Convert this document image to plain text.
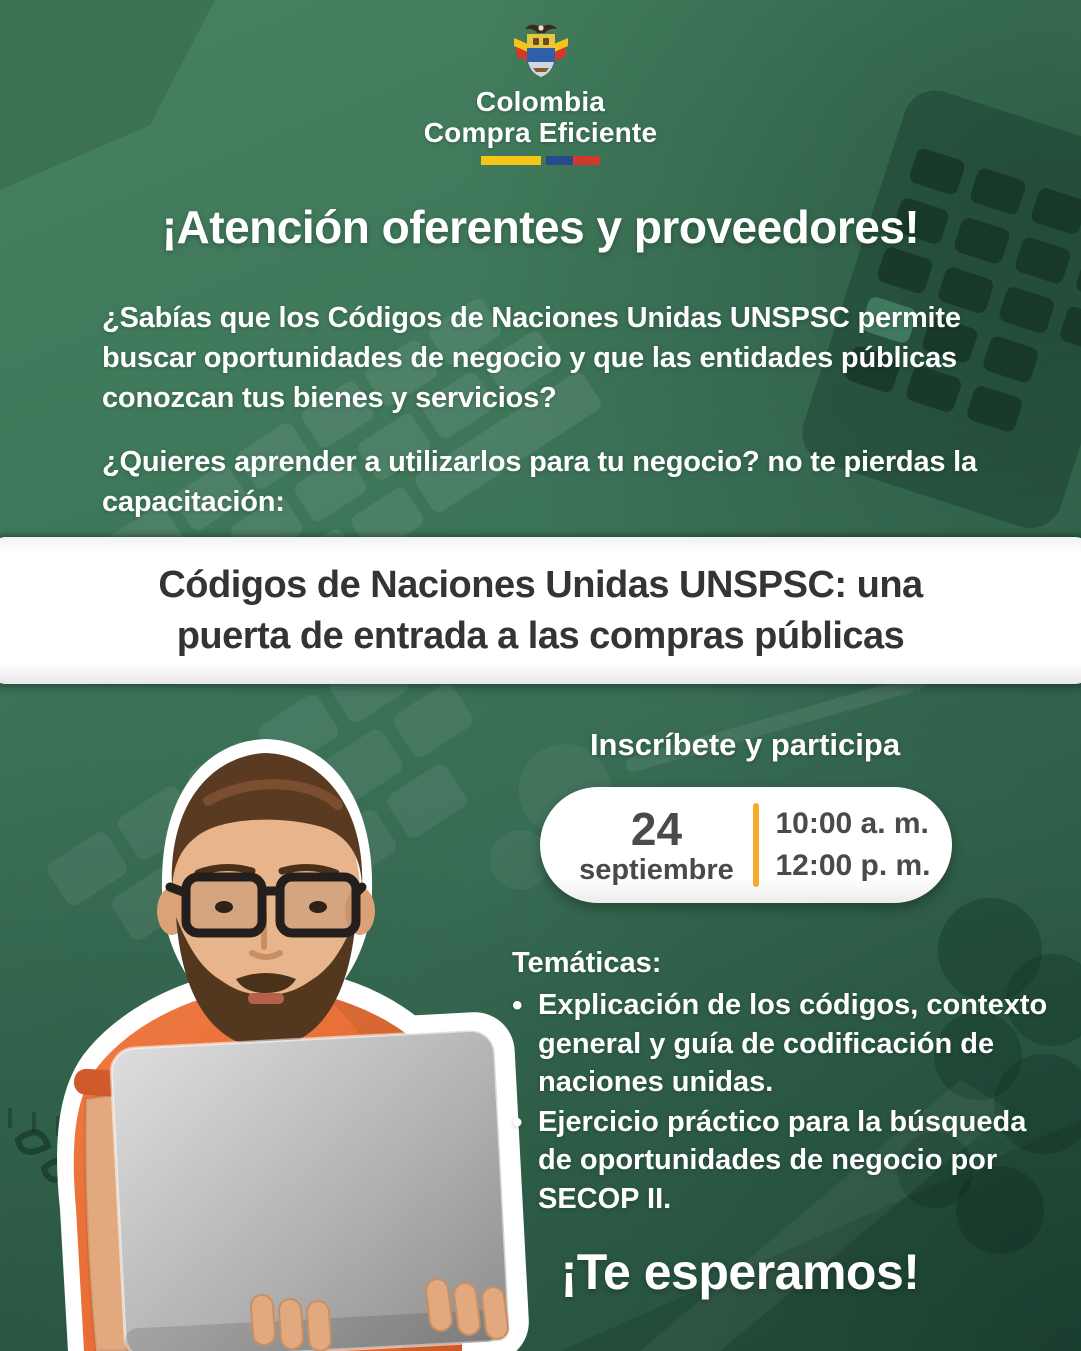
Colombia
Compra Eficiente
¡Atención oferentes y proveedores!
¿Sabías que los Códigos de Naciones Unidas UNSPSC permite buscar oportunidades de negocio y que las entidades públicas conozcan tus bienes y servicios?
¿Quieres aprender a utilizarlos para tu negocio? no te pierdas la capacitación:
Códigos de Naciones Unidas UNSPSC: una puerta de entrada a las compras públicas
Inscríbete y participa
24
septiembre
10:00 a. m.
12:00 p. m.
Temáticas:
• Explicación de los códigos, contexto general y guía de codificación de naciones unidas.
• Ejercicio práctico para la búsqueda de oportunidades de negocio por SECOP II.
¡Te esperamos!
